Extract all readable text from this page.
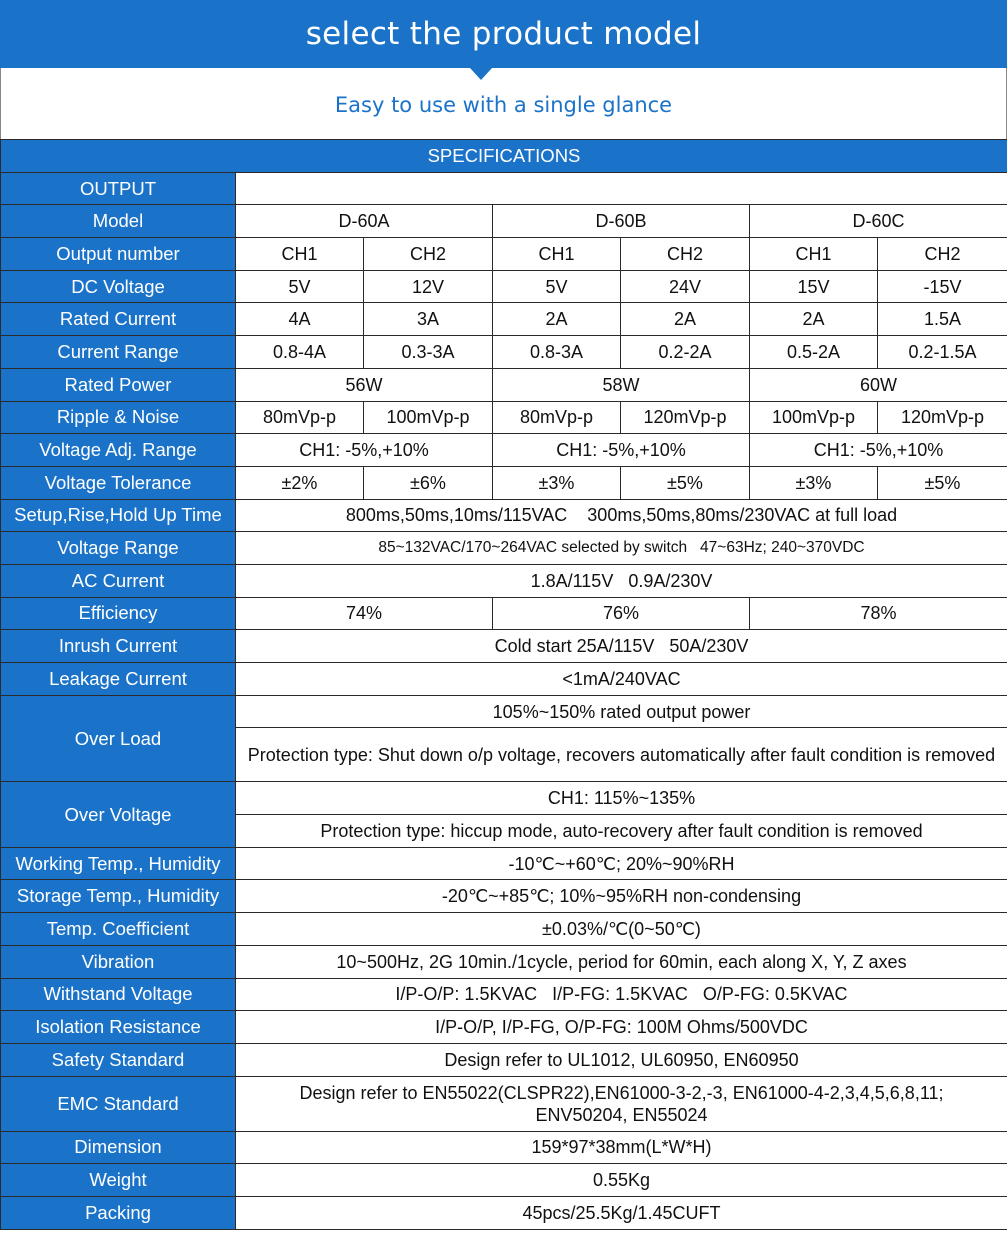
select the product model
Easy to use with a single glance
SPECIFICATIONS						
OUTPUT						
Model	D-60A		D-60B		D-60C	
Output number	CH1	CH2	CH1	CH2	CH1	CH2
DC Voltage	5V	12V	5V	24V	15V	-15V
Rated Current	4A	3A	2A	2A	2A	1.5A
Current Range	0.8-4A	0.3-3A	0.8-3A	0.2-2A	0.5-2A	0.2-1.5A
Rated Power	56W		58W		60W	
Ripple & Noise	80mVp-p	100mVp-p	80mVp-p	120mVp-p	100mVp-p	120mVp-p
Voltage Adj. Range	CH1: -5%,+10%		CH1: -5%,+10%		CH1: -5%,+10%	
Voltage Tolerance	±2%	±6%	±3%	±5%	±3%	±5%
Setup,Rise,Hold Up Time	800ms,50ms,10ms/115VAC    300ms,50ms,80ms/230VAC at full load					
Voltage Range	85~132VAC/170~264VAC selected by switch   47~63Hz; 240~370VDC					
AC Current	1.8A/115V   0.9A/230V					
Efficiency	74%		76%		78%	
Inrush Current	Cold start 25A/115V   50A/230V					
Leakage Current	<1mA/240VAC					
Over Load	105%~150% rated output power					
	Protection type: Shut down o/p voltage, recovers automatically after fault condition is removed					
Over Voltage	CH1: 115%~135%					
	Protection type: hiccup mode, auto-recovery after fault condition is removed					
Working Temp., Humidity	-10℃~+60℃; 20%~90%RH					
Storage Temp., Humidity	-20℃~+85℃; 10%~95%RH non-condensing					
Temp. Coefficient	±0.03%/℃(0~50℃)					
Vibration	10~500Hz, 2G 10min./1cycle, period for 60min, each along X, Y, Z axes					
Withstand Voltage	I/P-O/P: 1.5KVAC   I/P-FG: 1.5KVAC   O/P-FG: 0.5KVAC					
Isolation Resistance	I/P-O/P, I/P-FG, O/P-FG: 100M Ohms/500VDC					
Safety Standard	Design refer to UL1012, UL60950, EN60950					
EMC Standard	Design refer to EN55022(CLSPR22),EN61000-3-2,-3, EN61000-4-2,3,4,5,6,8,11; ENV50204, EN55024					
Dimension	159*97*38mm(L*W*H)					
Weight	0.55Kg					
Packing	45pcs/25.5Kg/1.45CUFT					
